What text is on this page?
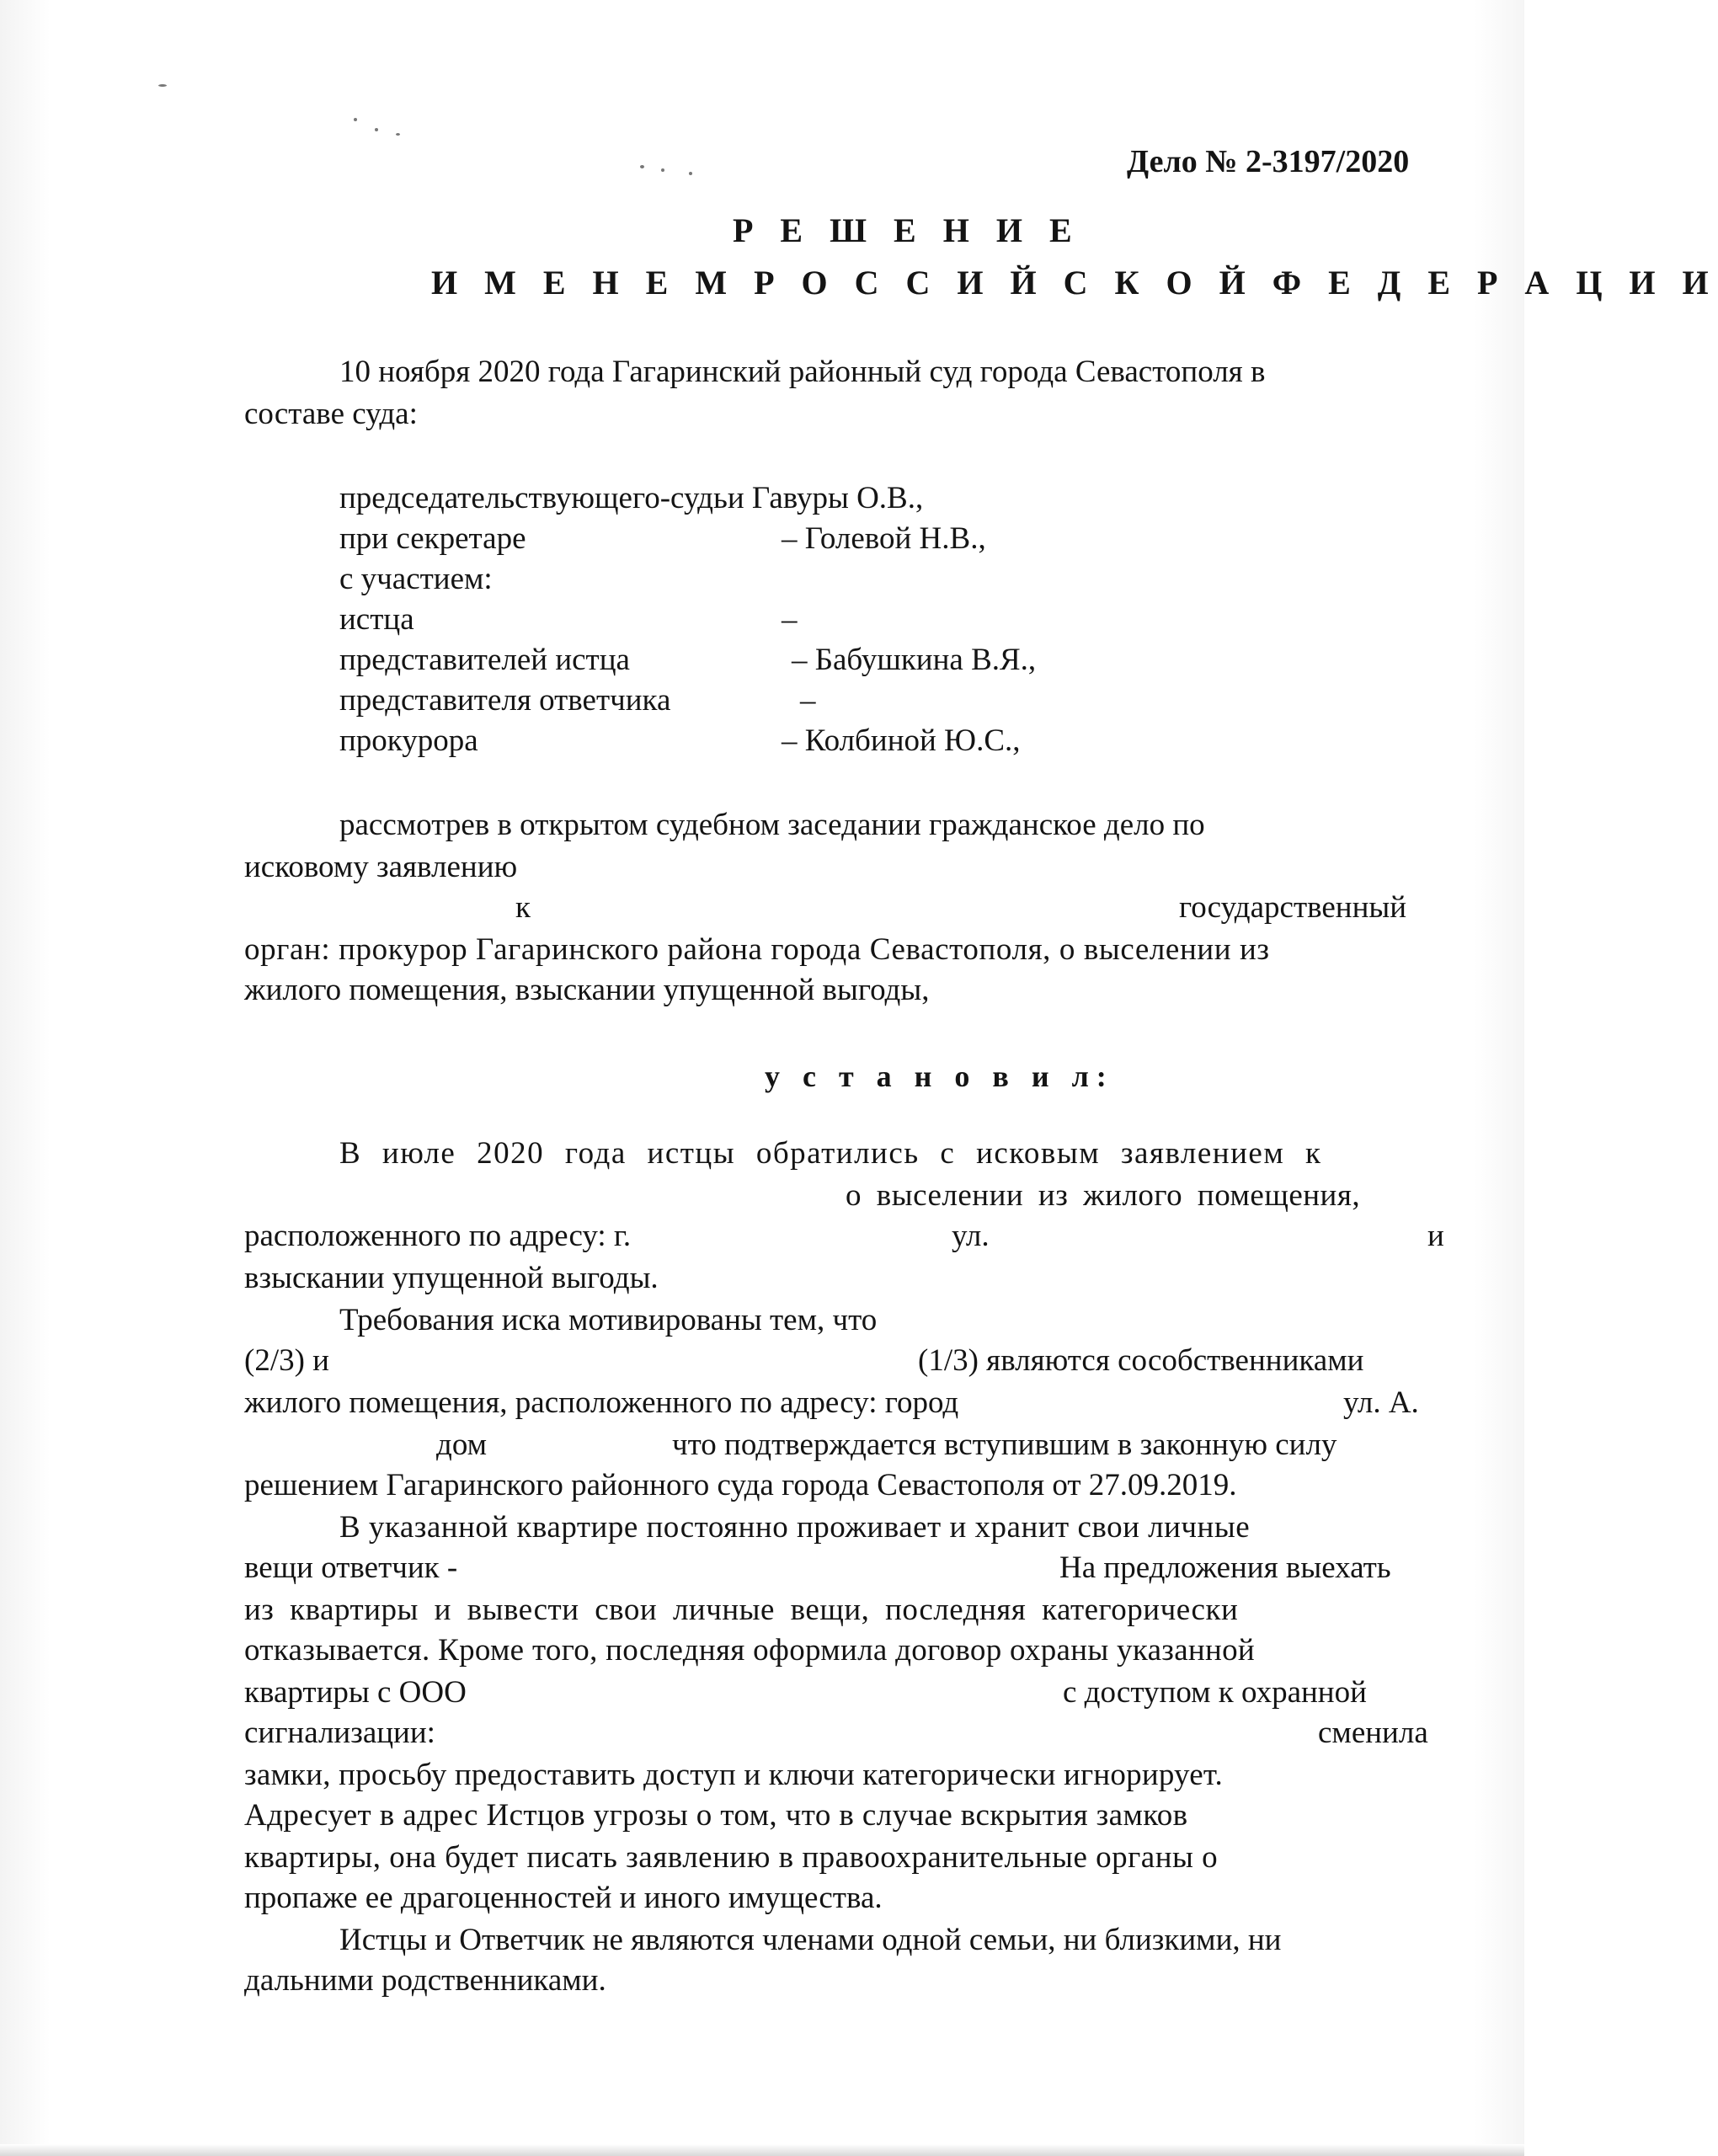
Дело № 2-3197/2020

Р Е Ш Е Н И Е

И М Е Н Е М Р О С С И Й С К О Й Ф Е Д Е Р А Ц И И

10 ноября 2020 года Гагаринский районный суд города Севастополя в

составе суда:

председательствующего-судьи Гавуры О.В.,

при секретаре	– Голевой Н.В.,

с участием:

истца	–

представителей истца	– Бабушкина В.Я.,

представителя ответчика	–

прокурора	– Колбиной Ю.С.,

рассмотрев в открытом судебном заседании гражданское дело по

исковому заявлению

к	государственный

орган: прокурор Гагаринского района города Севастополя, о выселении из

жилого помещения, взыскании упущенной выгоды,

у с т а н о в и л:

В июле 2020 года истцы обратились с исковым заявлением к

о выселении из жилого помещения,

расположенного по адресу: г.	ул.	и

взыскании упущенной выгоды.

Требования иска мотивированы тем, что

(2/3) и	(1/3) являются сособственниками

жилого помещения, расположенного по адресу: город	ул. А.

дом	что подтверждается вступившим в законную силу

решением Гагаринского районного суда города Севастополя от 27.09.2019.

В указанной квартире постоянно проживает и хранит свои личные

вещи ответчик -	На предложения выехать

из квартиры и вывести свои личные вещи, последняя категорически

отказывается. Кроме того, последняя оформила договор охраны указанной

квартиры с ООО	с доступом к охранной

сигнализации:	сменила

замки, просьбу предоставить доступ и ключи категорически игнорирует.

Адресует в адрес Истцов угрозы о том, что в случае вскрытия замков

квартиры, она будет писать заявлению в правоохранительные органы о

пропаже ее драгоценностей и иного имущества.

Истцы и Ответчик не являются членами одной семьи, ни близкими, ни

дальними родственниками.
